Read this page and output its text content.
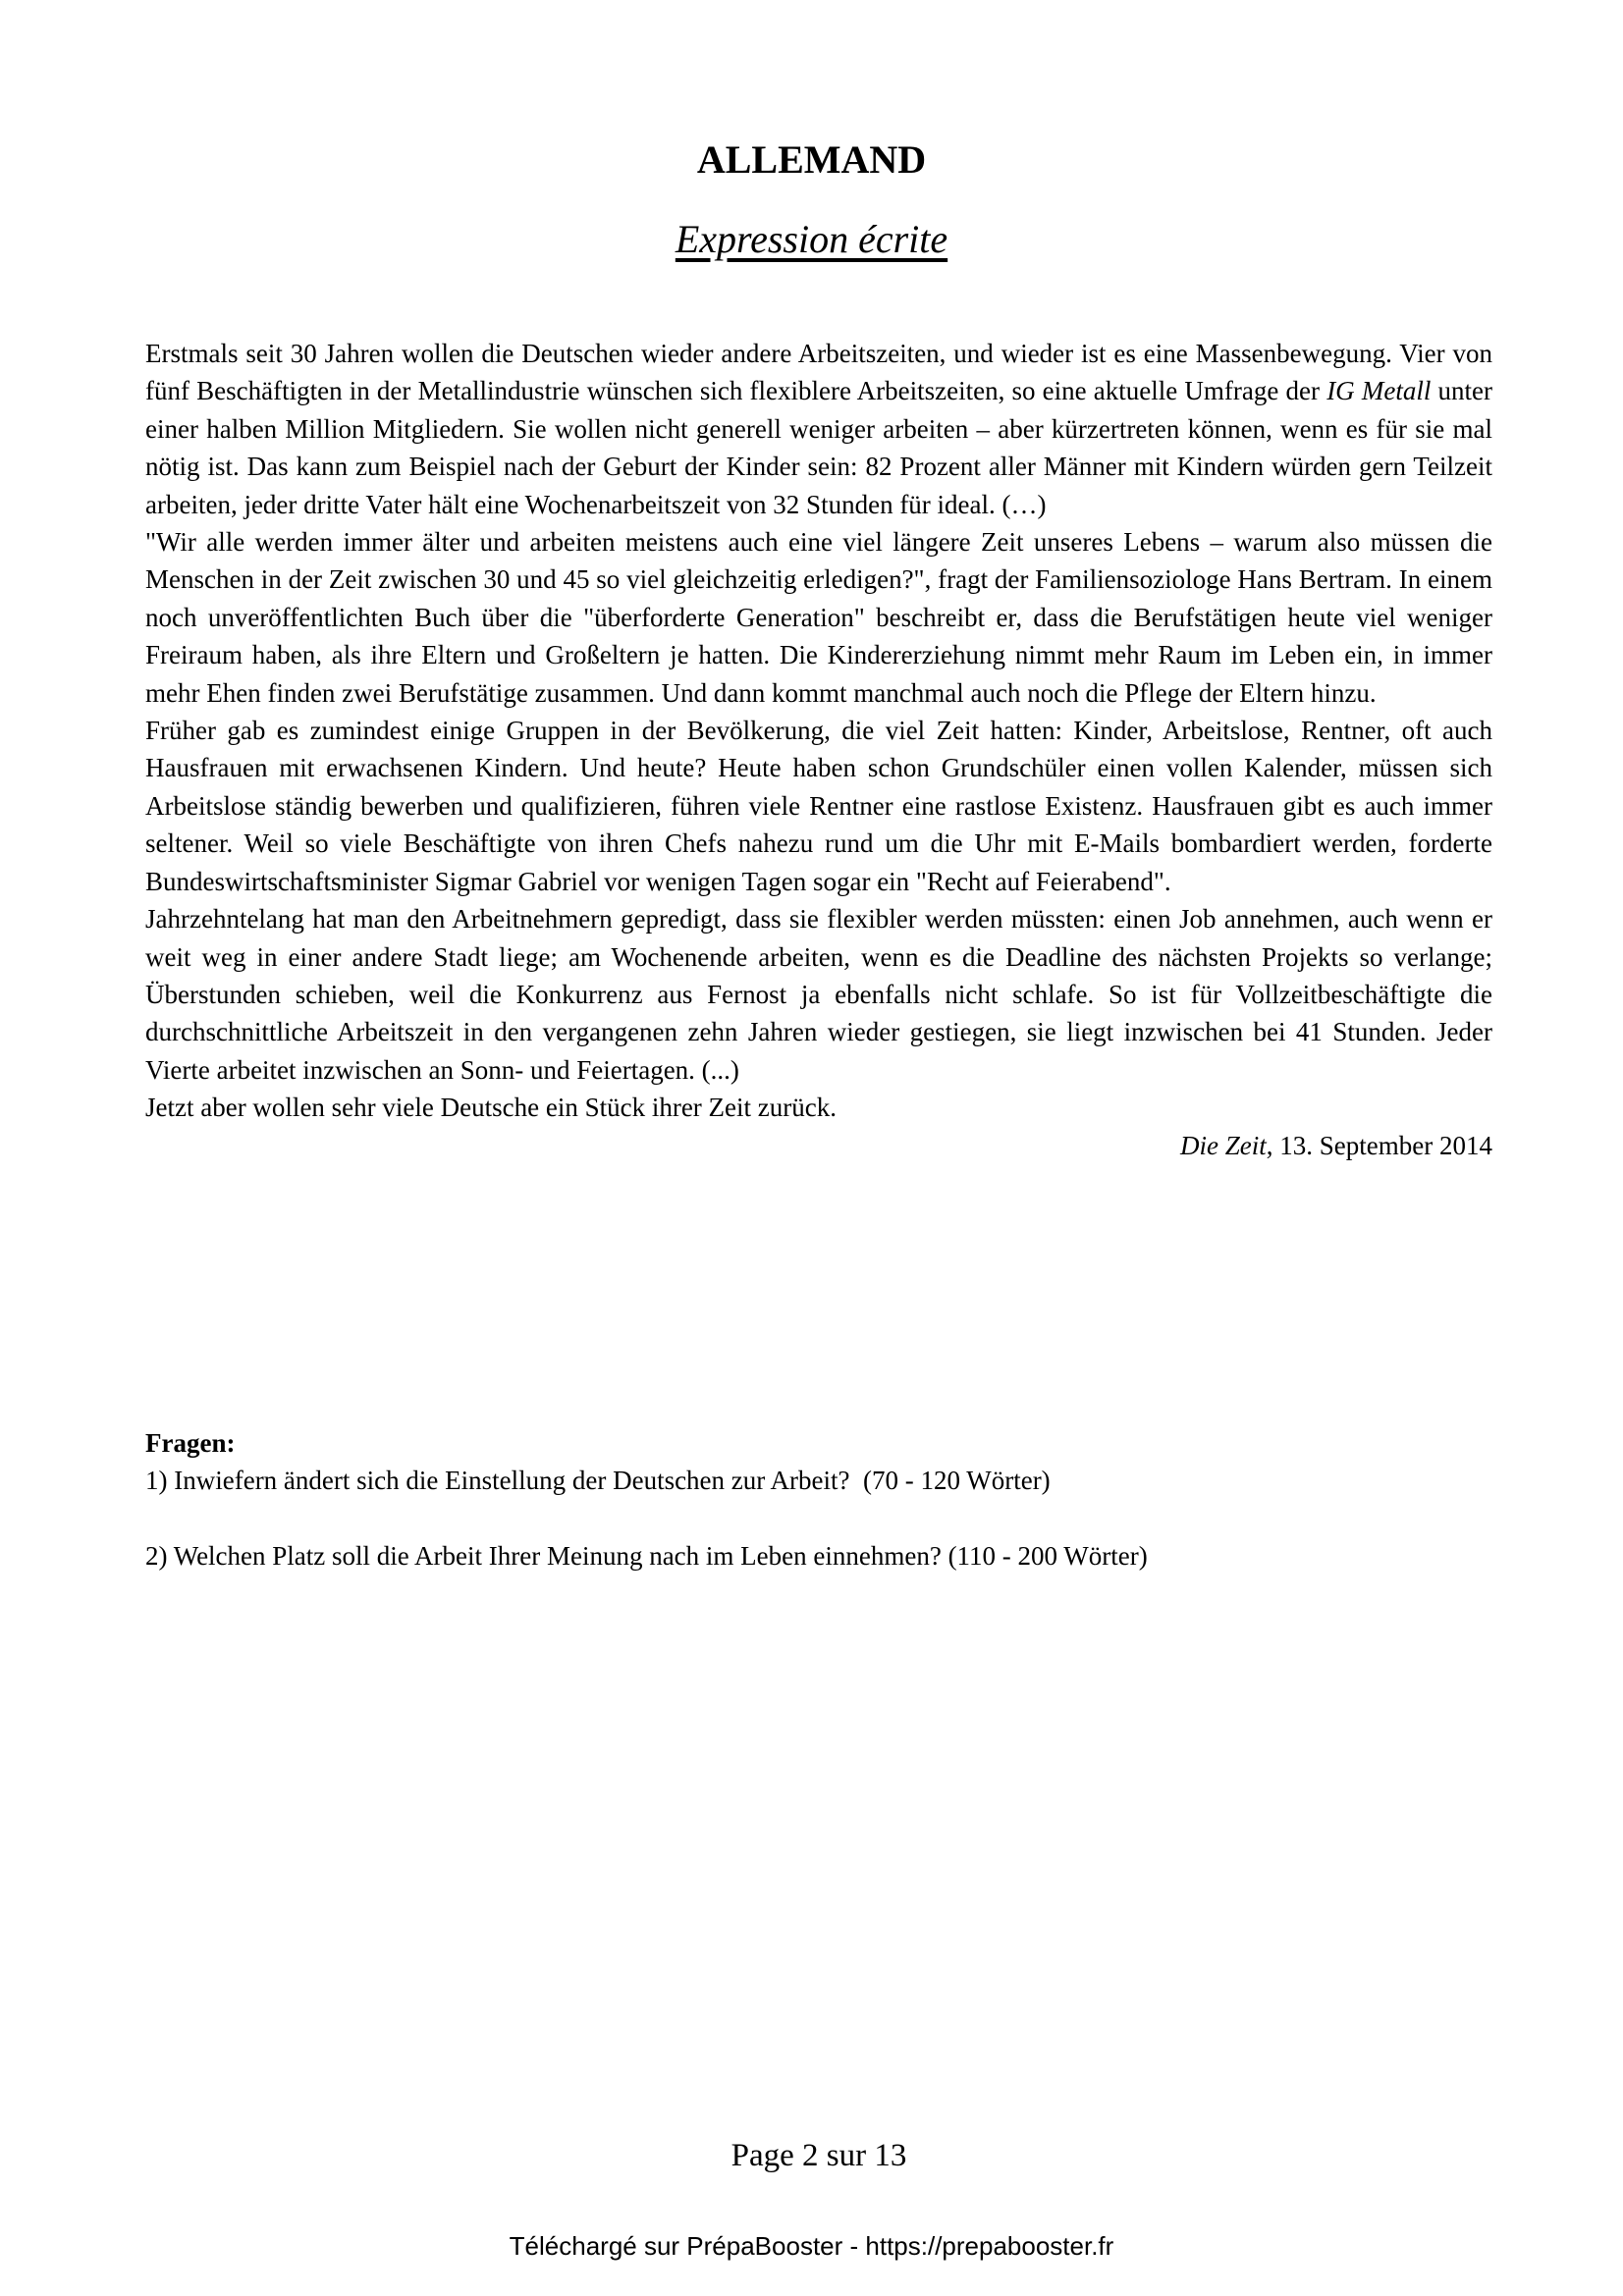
ALLEMAND
Expression écrite

Erstmals seit 30 Jahren wollen die Deutschen wieder andere Arbeitszeiten, und wieder ist es eine Massenbewegung. Vier von fünf Beschäftigten in der Metallindustrie wünschen sich flexiblere Arbeitszeiten, so eine aktuelle Umfrage der IG Metall unter einer halben Million Mitgliedern. Sie wollen nicht generell weniger arbeiten – aber kürzertreten können, wenn es für sie mal nötig ist. Das kann zum Beispiel nach der Geburt der Kinder sein: 82 Prozent aller Männer mit Kindern würden gern Teilzeit arbeiten, jeder dritte Vater hält eine Wochenarbeitszeit von 32 Stunden für ideal. (…)

"Wir alle werden immer älter und arbeiten meistens auch eine viel längere Zeit unseres Lebens – warum also müssen die Menschen in der Zeit zwischen 30 und 45 so viel gleichzeitig erledigen?", fragt der Familiensoziologe Hans Bertram. In einem noch unveröffentlichten Buch über die "überforderte Generation" beschreibt er, dass die Berufstätigen heute viel weniger Freiraum haben, als ihre Eltern und Großeltern je hatten. Die Kindererziehung nimmt mehr Raum im Leben ein, in immer mehr Ehen finden zwei Berufstätige zusammen. Und dann kommt manchmal auch noch die Pflege der Eltern hinzu.

Früher gab es zumindest einige Gruppen in der Bevölkerung, die viel Zeit hatten: Kinder, Arbeitslose, Rentner, oft auch Hausfrauen mit erwachsenen Kindern. Und heute? Heute haben schon Grundschüler einen vollen Kalender, müssen sich Arbeitslose ständig bewerben und qualifizieren, führen viele Rentner eine rastlose Existenz. Hausfrauen gibt es auch immer seltener. Weil so viele Beschäftigte von ihren Chefs nahezu rund um die Uhr mit E-Mails bombardiert werden, forderte Bundeswirtschaftsminister Sigmar Gabriel vor wenigen Tagen sogar ein "Recht auf Feierabend".

Jahrzehntelang hat man den Arbeitnehmern gepredigt, dass sie flexibler werden müssten: einen Job annehmen, auch wenn er weit weg in einer andere Stadt liege; am Wochenende arbeiten, wenn es die Deadline des nächsten Projekts so verlange; Überstunden schieben, weil die Konkurrenz aus Fernost ja ebenfalls nicht schlafe. So ist für Vollzeitbeschäftigte die durchschnittliche Arbeitszeit in den vergangenen zehn Jahren wieder gestiegen, sie liegt inzwischen bei 41 Stunden. Jeder Vierte arbeitet inzwischen an Sonn- und Feiertagen. (...)

Jetzt aber wollen sehr viele Deutsche ein Stück ihrer Zeit zurück.

Die Zeit, 13. September 2014

Fragen:

1) Inwiefern ändert sich die Einstellung der Deutschen zur Arbeit?  (70 - 120 Wörter)

2) Welchen Platz soll die Arbeit Ihrer Meinung nach im Leben einnehmen? (110 - 200 Wörter)

Page 2 sur 13
Téléchargé sur PrépaBooster - https://prepabooster.fr
